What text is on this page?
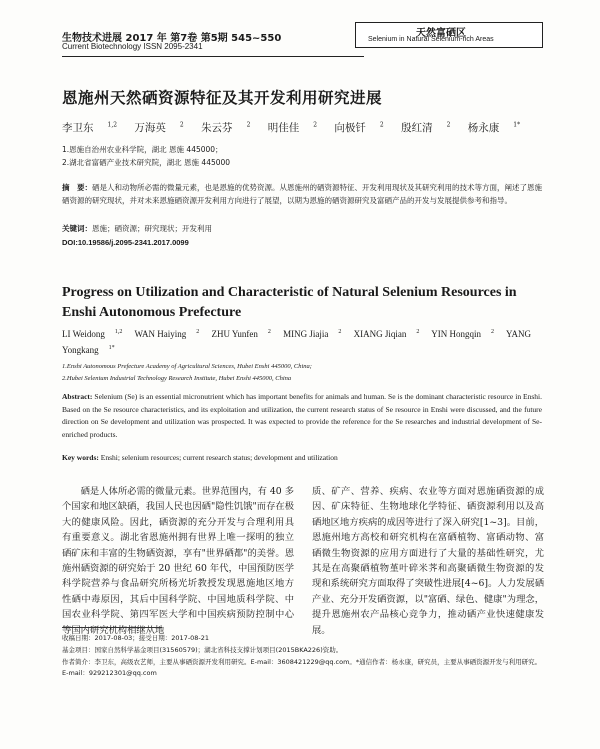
生物技术进展 2017 年 第7卷 第5期 545~550
Current Biotechnology ISSN 2095-2341
天然富硒区
Selenium in Natural Selenium-rich Areas
恩施州天然硒资源特征及其开发利用研究进展
李卫东 $^{1,2}$ 万海英 $^2$ 朱云芬 $^2$ 明佳佳 $^2$ 向极钎 $^2$ 殷红清 $^2$ 杨永康 $^{1*}$
1.恩施自治州农业科学院，湖北 恩施 445000；
2.湖北省富硒产业技术研究院，湖北 恩施 445000
摘　要：硒是人和动物所必需的微量元素，也是恩施的优势资源。从恩施州的硒资源特征、开发利用现状及其研究利用的技术等方面，阐述了恩施硒资源的研究现状，并对未来恩施硒资源开发利用方向进行了展望，以期为恩施的硒资源研究及富硒产品的开发与发展提供参考和指导。
关键词：恩施；硒资源；研究现状；开发利用
DOI:10.19586/j.2095-2341.2017.0099
Progress on Utilization and Characteristic of Natural Selenium Resources in Enshi Autonomous Prefecture
LI Weidong $^{1,2}$ WAN Haiying $^2$ ZHU Yunfen $^2$ MING Jiajia $^2$ XIANG Jiqian $^2$ YIN Hongqin $^2$ YANG Yongkang $^{1*}$
1.Enshi Autonomous Prefecture Academy of Agricultural Sciences, Hubei Enshi 445000, China;
2.Hubei Selenium Industrial Technology Research Institute, Hubei Enshi 445000, China
Abstract: Selenium (Se) is an essential micronutrient which has important benefits for animals and human. Se is the dominant characteristic resource in Enshi. Based on the Se resource characteristics, and its exploitation and utilization, the current research status of Se resource in Enshi were discussed, and the future direction on Se development and utilization was prospected. It was expected to provide the reference for the Se researches and industrial development of Se-enriched products.
Key words: Enshi; selenium resources; current research status; development and utilization

硒是人体所必需的微量元素。世界范围内，有 40 多个国家和地区缺硒，我国人民也因硒"隐性饥饿"而存在极大的健康风险。因此，硒资源的充分开发与合理利用具有重要意义。湖北省恩施州拥有世界上唯一探明的独立硒矿床和丰富的生物硒资源，享有"世界硒都"的美誉。恩施州硒资源的研究始于 20 世纪 60 年代，中国预防医学科学院营养与食品研究所杨光圻教授发现恩施地区地方性硒中毒原因，其后中国科学院、中国地质科学院、中国农业科学院、第四军医大学和中国疾病预防控制中心等国内研究机构相继从地

质、矿产、营养、疾病、农业等方面对恩施硒资源的成因、矿床特征、生物地球化学特征、硒资源利用以及高硒地区地方疾病的成因等进行了深入研究[1~3]。目前，恩施州地方高校和研究机构在富硒植物、富硒动物、富硒微生物资源的应用方面进行了大量的基础性研究，尤其是在高聚硒植物堇叶碎米荠和高聚硒微生物资源的发现和系统研究方面取得了突破性进展[4~6]。人力发展硒产业、充分开发硒资源，以"富硒、绿色、健康"为理念，提升恩施州农产品核心竞争力，推动硒产业快速健康发展。

收稿日期：2017-08-03；接受日期：2017-08-21
基金项目：国家自然科学基金项目(31560579)；湖北省科技支撑计划项目(2015BKA226)资助。
作者简介：李卫东，高级农艺师，主要从事硒资源开发利用研究。E-mail：3608421229@qq.com。*通信作者：杨永康，研究员，主要从事硒资源开发与利用研究。E-mail：929212301@qq.com
